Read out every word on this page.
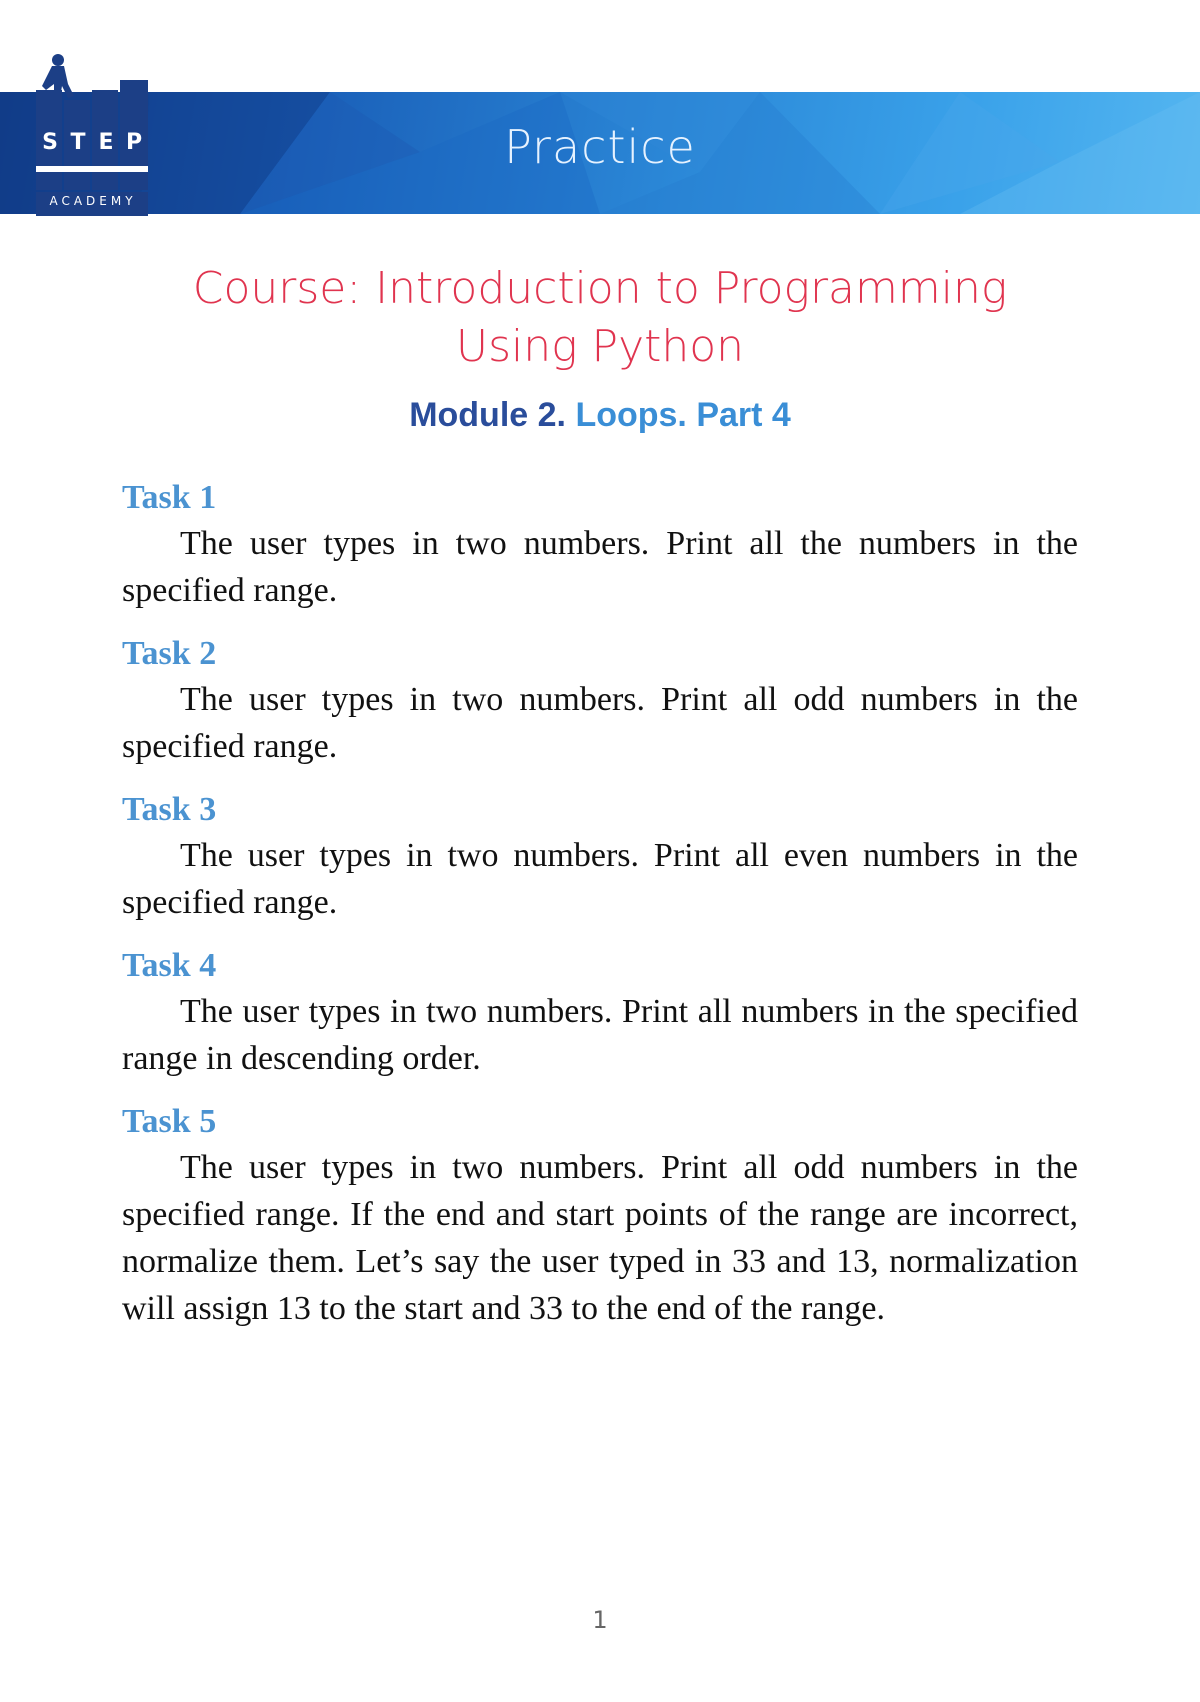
Practice
S T E P
ACADEMY
Course: Introduction to Programming Using Python
Module 2. Loops. Part 4
Task 1

The user types in two numbers. Print all the numbers in the specified range.

Task 2

The user types in two numbers. Print all odd numbers in the specified range.

Task 3

The user types in two numbers. Print all even numbers in the specified range.

Task 4

The user types in two numbers. Print all numbers in the specified range in descending order.

Task 5

The user types in two numbers. Print all odd numbers in the specified range. If the end and start points of the range are incorrect, normalize them. Let’s say the user typed in 33 and 13, normalization will assign 13 to the start and 33 to the end of the range.

1
